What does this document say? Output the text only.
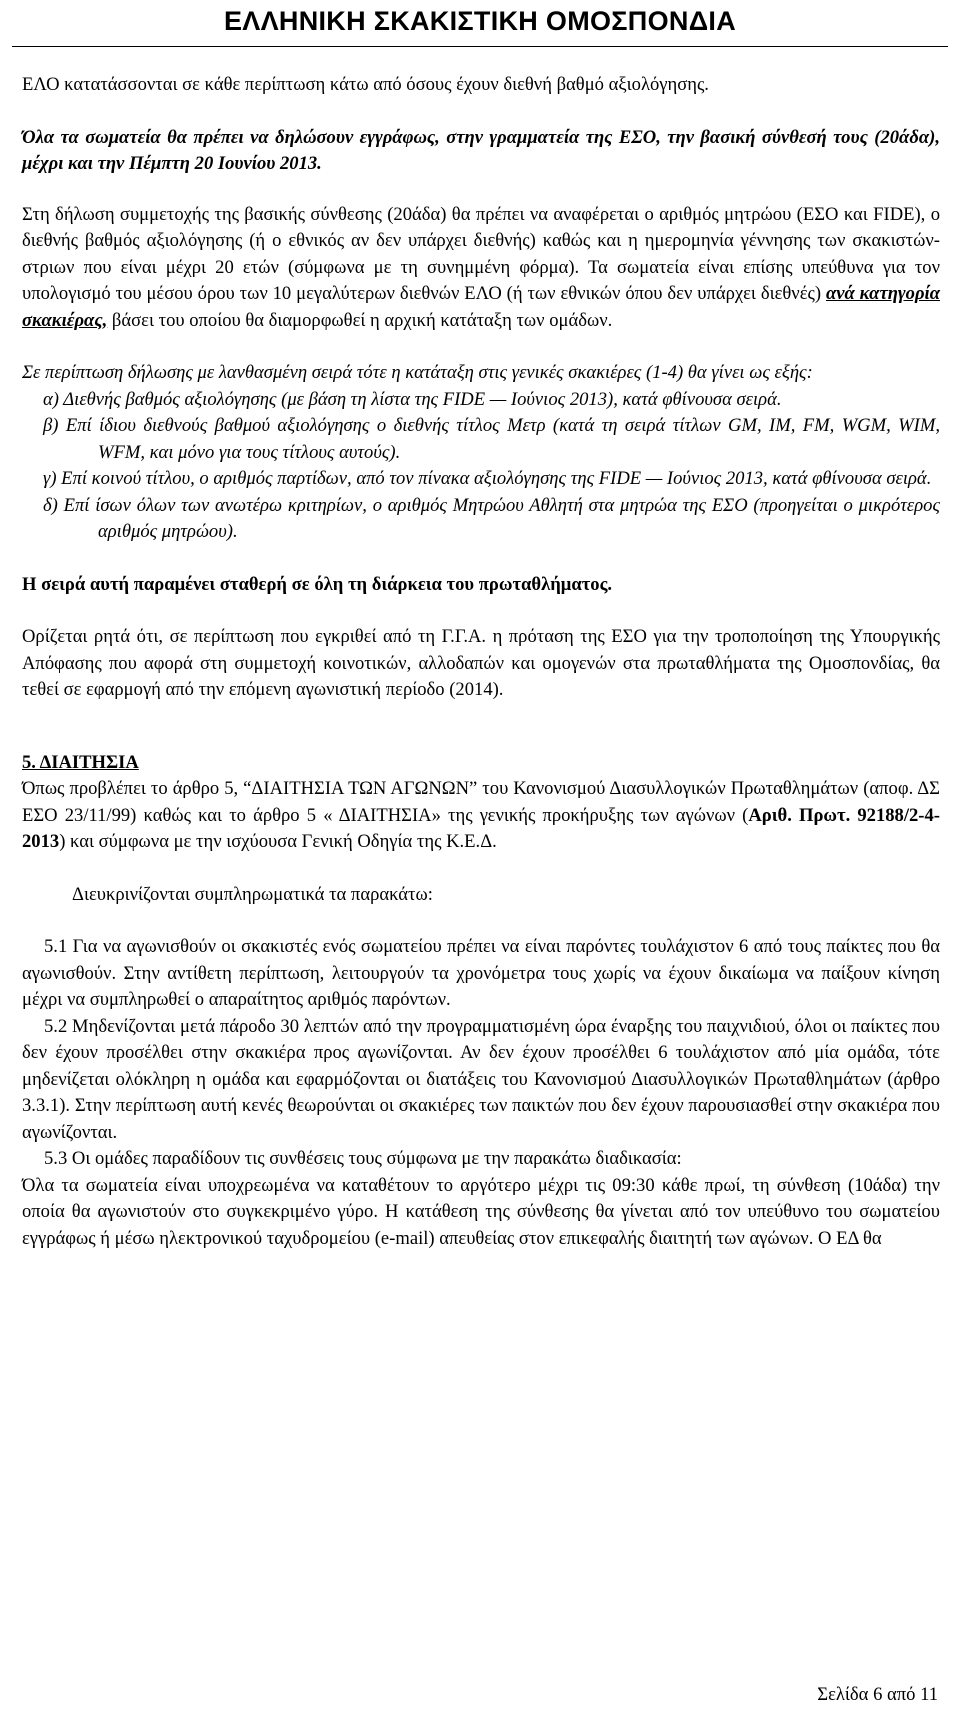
ΕΛΛΗΝΙΚΗ ΣΚΑΚΙΣΤΙΚΗ ΟΜΟΣΠΟΝΔΙΑ

ΕΛΟ κατατάσσονται σε κάθε περίπτωση κάτω από όσους έχουν διεθνή βαθμό αξιολόγησης.

Όλα τα σωματεία θα πρέπει να δηλώσουν εγγράφως, στην γραμματεία της ΕΣΟ, την βασική σύνθεσή τους (20άδα), μέχρι και την Πέμπτη 20 Ιουνίου 2013.

Στη δήλωση συμμετοχής της βασικής σύνθεσης (20άδα) θα πρέπει να αναφέρεται ο αριθμός μητρώου (ΕΣΟ και FIDE), ο διεθνής βαθμός αξιολόγησης (ή ο εθνικός αν δεν υπάρχει διεθνής) καθώς και η ημερομηνία γέννησης των σκακιστών-στριων που είναι μέχρι 20 ετών (σύμφωνα με τη συνημμένη φόρμα). Τα σωματεία είναι επίσης υπεύθυνα για τον υπολογισμό του μέσου όρου των 10 μεγαλύτερων διεθνών ΕΛΟ (ή των εθνικών όπου δεν υπάρχει διεθνές) ανά κατηγορία σκακιέρας, βάσει του οποίου θα διαμορφωθεί η αρχική κατάταξη των ομάδων.

Σε περίπτωση δήλωσης με λανθασμένη σειρά τότε η κατάταξη στις γενικές σκακιέρες (1-4) θα γίνει ως εξής:

α) Διεθνής βαθμός αξιολόγησης (με βάση τη λίστα της FIDE — Ιούνιος 2013), κατά φθίνουσα σειρά.

β) Επί ίδιου διεθνούς βαθμού αξιολόγησης ο διεθνής τίτλος Μετρ (κατά τη σειρά τίτλων GM, IM, FM, WGM, WIM, WFM, και μόνο για τους τίτλους αυτούς).

γ) Επί κοινού τίτλου, ο αριθμός παρτίδων, από τον πίνακα αξιολόγησης της FIDE — Ιούνιος 2013, κατά φθίνουσα σειρά.

δ) Επί ίσων όλων των ανωτέρω κριτηρίων, ο αριθμός Μητρώου Αθλητή στα μητρώα της ΕΣΟ (προηγείται ο μικρότερος αριθμός μητρώου).

Η σειρά αυτή παραμένει σταθερή σε όλη τη διάρκεια του πρωταθλήματος.

Ορίζεται ρητά ότι, σε περίπτωση που εγκριθεί από τη Γ.Γ.Α. η πρόταση της ΕΣΟ για την τροποποίηση της Υπουργικής Απόφασης που αφορά στη συμμετοχή κοινοτικών, αλλοδαπών και ομογενών στα πρωταθλήματα της Ομοσπονδίας, θα τεθεί σε εφαρμογή από την επόμενη αγωνιστική περίοδο (2014).

5. ΔΙΑΙΤΗΣΙΑ

Όπως προβλέπει το άρθρο 5, “ΔΙΑΙΤΗΣΙΑ ΤΩΝ ΑΓΩΝΩΝ” του Κανονισμού Διασυλλογικών Πρωταθλημάτων (αποφ. ΔΣ ΕΣΟ 23/11/99) καθώς και το άρθρο 5 « ΔΙΑΙΤΗΣΙΑ» της γενικής προκήρυξης των αγώνων (Αριθ. Πρωτ. 92188/2-4-2013) και σύμφωνα με την ισχύουσα Γενική Οδηγία της Κ.Ε.Δ.

Διευκρινίζονται συμπληρωματικά τα παρακάτω:

5.1 Για να αγωνισθούν οι σκακιστές ενός σωματείου πρέπει να είναι παρόντες τουλάχιστον 6 από τους παίκτες που θα αγωνισθούν. Στην αντίθετη περίπτωση, λειτουργούν τα χρονόμετρα τους χωρίς να έχουν δικαίωμα να παίξουν κίνηση μέχρι να συμπληρωθεί ο απαραίτητος αριθμός παρόντων.

5.2 Μηδενίζονται μετά πάροδο 30 λεπτών από την προγραμματισμένη ώρα έναρξης του παιχνιδιού, όλοι οι παίκτες που δεν έχουν προσέλθει στην σκακιέρα προς αγωνίζονται. Αν δεν έχουν προσέλθει 6 τουλάχιστον από μία ομάδα, τότε μηδενίζεται ολόκληρη η ομάδα και εφαρμόζονται οι διατάξεις του Κανονισμού Διασυλλογικών Πρωταθλημάτων (άρθρο 3.3.1). Στην περίπτωση αυτή κενές θεωρούνται οι σκακιέρες των παικτών που δεν έχουν παρουσιασθεί στην σκακιέρα που αγωνίζονται.

5.3 Οι ομάδες παραδίδουν τις συνθέσεις τους σύμφωνα με την παρακάτω διαδικασία:

Όλα τα σωματεία είναι υποχρεωμένα να καταθέτουν το αργότερο μέχρι τις 09:30 κάθε πρωί, τη σύνθεση (10άδα) την οποία θα αγωνιστούν στο συγκεκριμένο γύρο. Η κατάθεση της σύνθεσης θα γίνεται από τον υπεύθυνο του σωματείου εγγράφως ή μέσω ηλεκτρονικού ταχυδρομείου (e-mail) απευθείας στον επικεφαλής διαιτητή των αγώνων. Ο ΕΔ θα

Σελίδα 6 από 11
